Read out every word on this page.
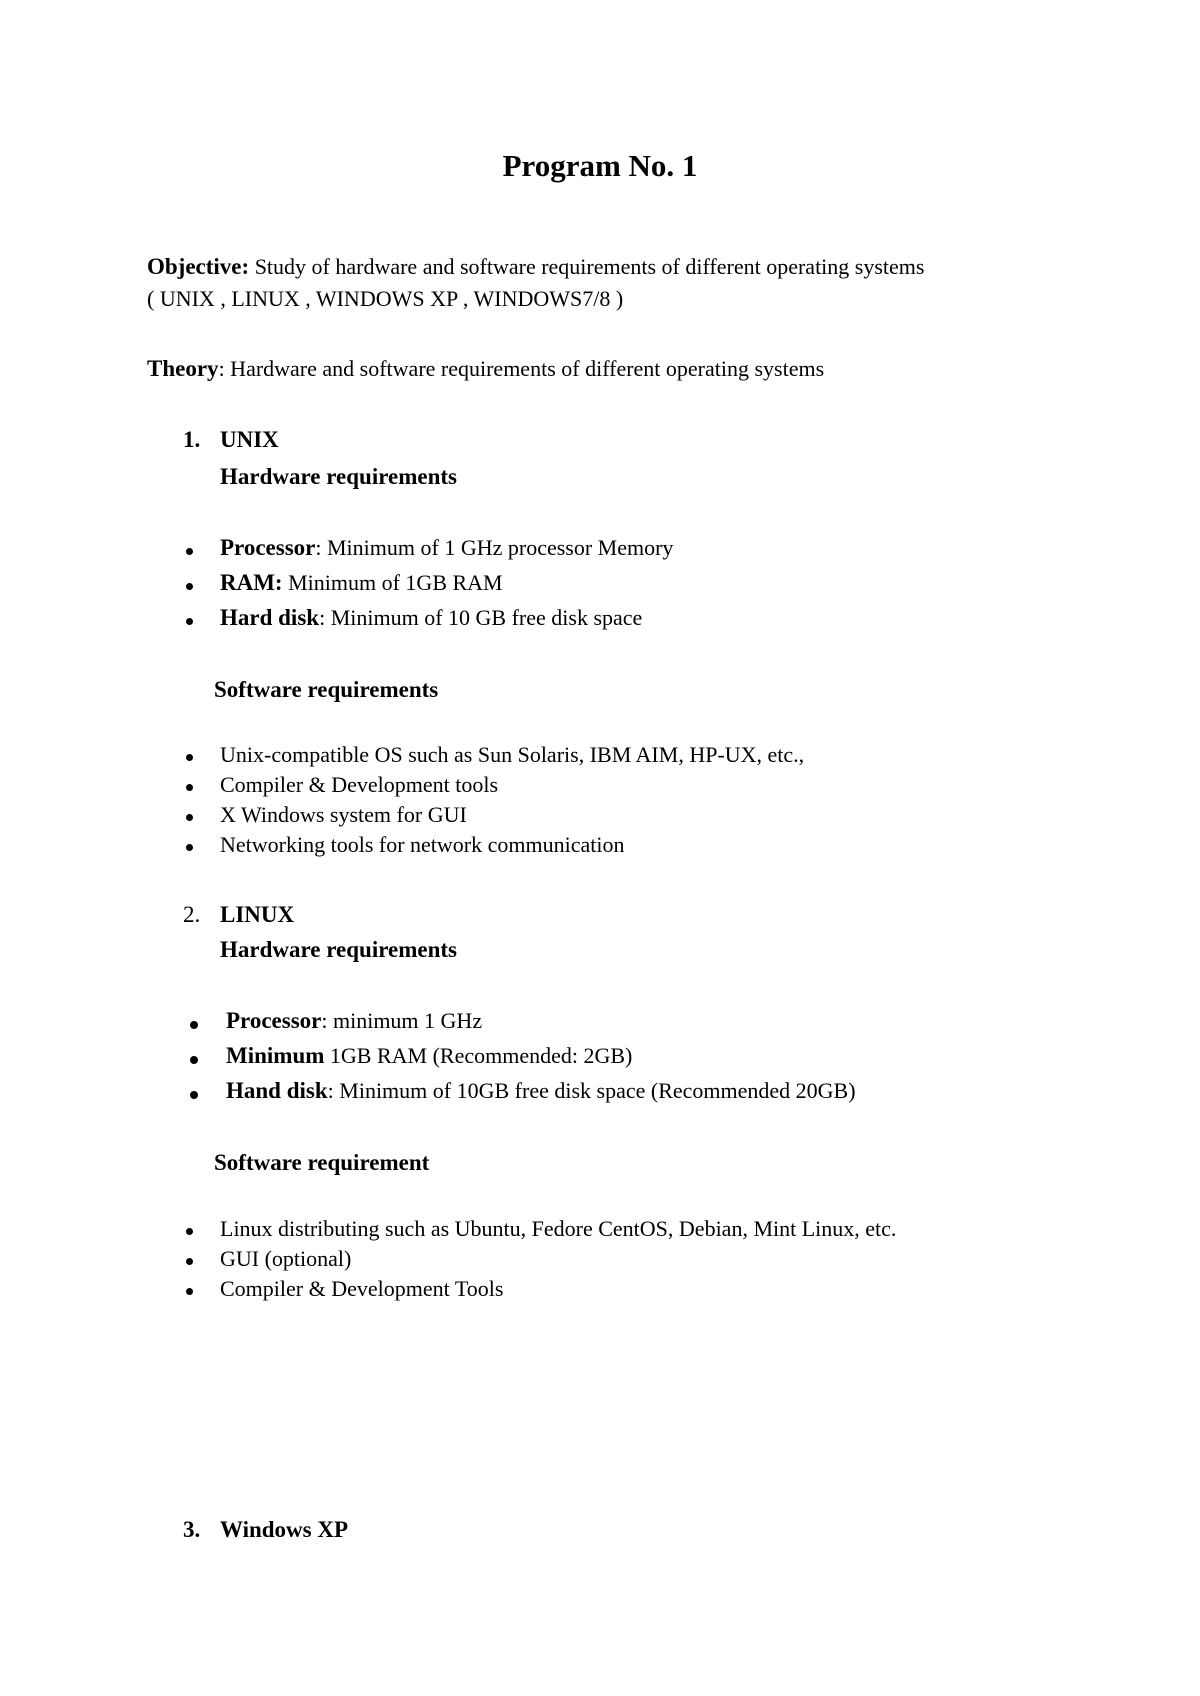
Program No. 1
Objective: Study of hardware and software requirements of different operating systems
( UNIX , LINUX , WINDOWS XP , WINDOWS7/8 )
Theory: Hardware and software requirements of different operating systems
1. UNIX
Hardware requirements
Processor: Minimum of 1 GHz processor Memory
RAM: Minimum of 1GB RAM
Hard disk: Minimum of 10 GB free disk space
Software requirements
Unix-compatible OS such as Sun Solaris, IBM AIM, HP-UX, etc.,
Compiler & Development tools
X Windows system for GUI
Networking tools for network communication
2. LINUX
Hardware requirements
Processor: minimum 1 GHz
Minimum 1GB RAM (Recommended: 2GB)
Hand disk: Minimum of 10GB free disk space (Recommended 20GB)
Software requirement
Linux distributing such as Ubuntu, Fedore CentOS, Debian, Mint Linux, etc.
GUI (optional)
Compiler & Development Tools
3. Windows XP
